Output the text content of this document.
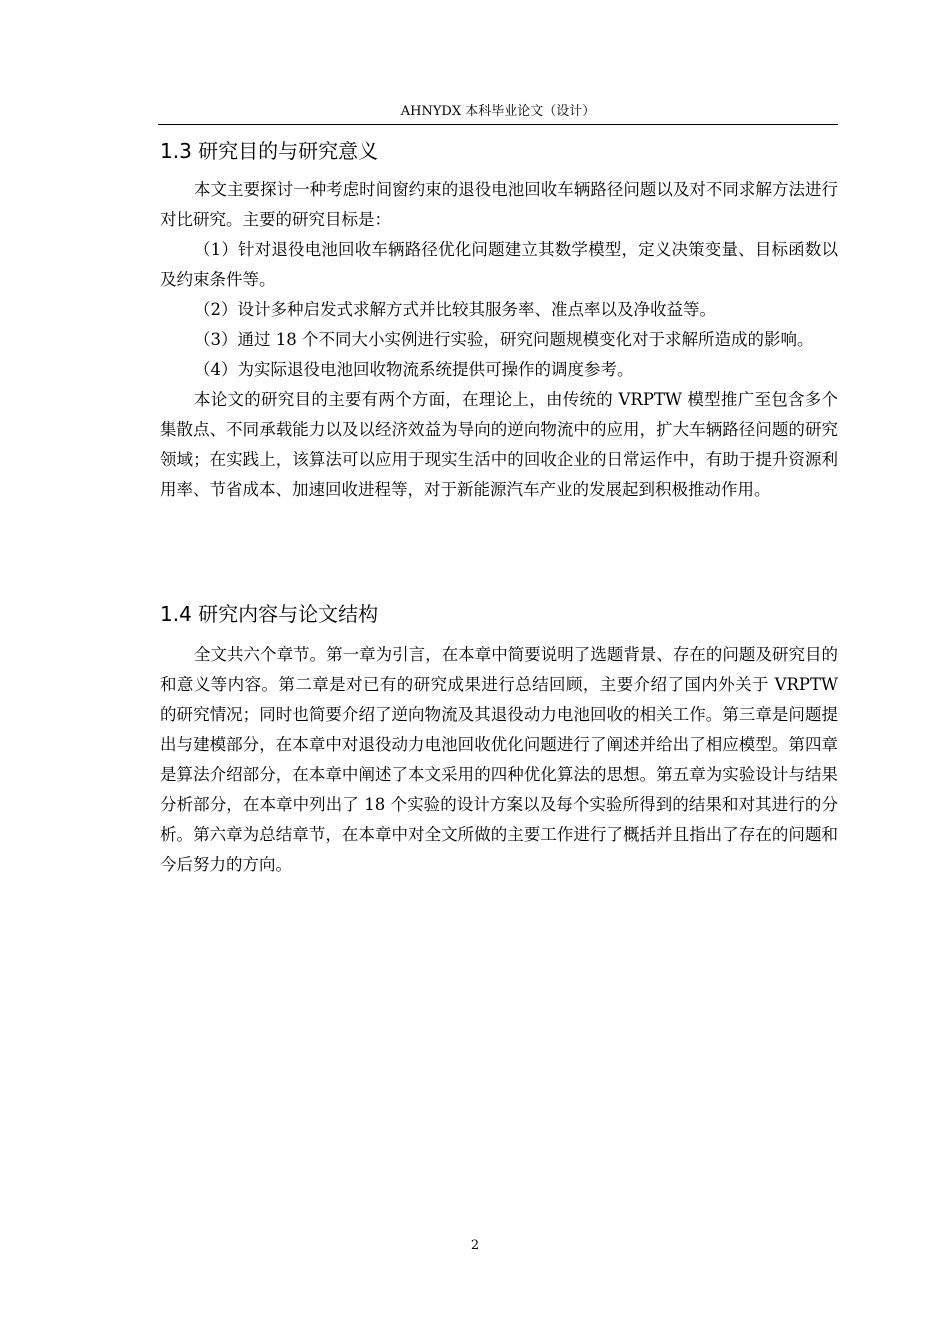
AHNYDX 本科毕业论文（设计）
1.3 研究目的与研究意义

本文主要探讨一种考虑时间窗约束的退役电池回收车辆路径问题以及对不同求解方法进行对比研究。主要的研究目标是：

（1）针对退役电池回收车辆路径优化问题建立其数学模型，定义决策变量、目标函数以及约束条件等。

（2）设计多种启发式求解方式并比较其服务率、准点率以及净收益等。

（3）通过 18 个不同大小实例进行实验，研究问题规模变化对于求解所造成的影响。

（4）为实际退役电池回收物流系统提供可操作的调度参考。

本论文的研究目的主要有两个方面，在理论上，由传统的 VRPTW 模型推广至包含多个集散点、不同承载能力以及以经济效益为导向的逆向物流中的应用，扩大车辆路径问题的研究领域；在实践上，该算法可以应用于现实生活中的回收企业的日常运作中，有助于提升资源利用率、节省成本、加速回收进程等，对于新能源汽车产业的发展起到积极推动作用。

1.4 研究内容与论文结构

全文共六个章节。第一章为引言，在本章中简要说明了选题背景、存在的问题及研究目的和意义等内容。第二章是对已有的研究成果进行总结回顾，主要介绍了国内外关于 VRPTW 的研究情况；同时也简要介绍了逆向物流及其退役动力电池回收的相关工作。第三章是问题提出与建模部分，在本章中对退役动力电池回收优化问题进行了阐述并给出了相应模型。第四章是算法介绍部分，在本章中阐述了本文采用的四种优化算法的思想。第五章为实验设计与结果分析部分，在本章中列出了 18 个实验的设计方案以及每个实验所得到的结果和对其进行的分析。第六章为总结章节，在本章中对全文所做的主要工作进行了概括并且指出了存在的问题和今后努力的方向。

2
